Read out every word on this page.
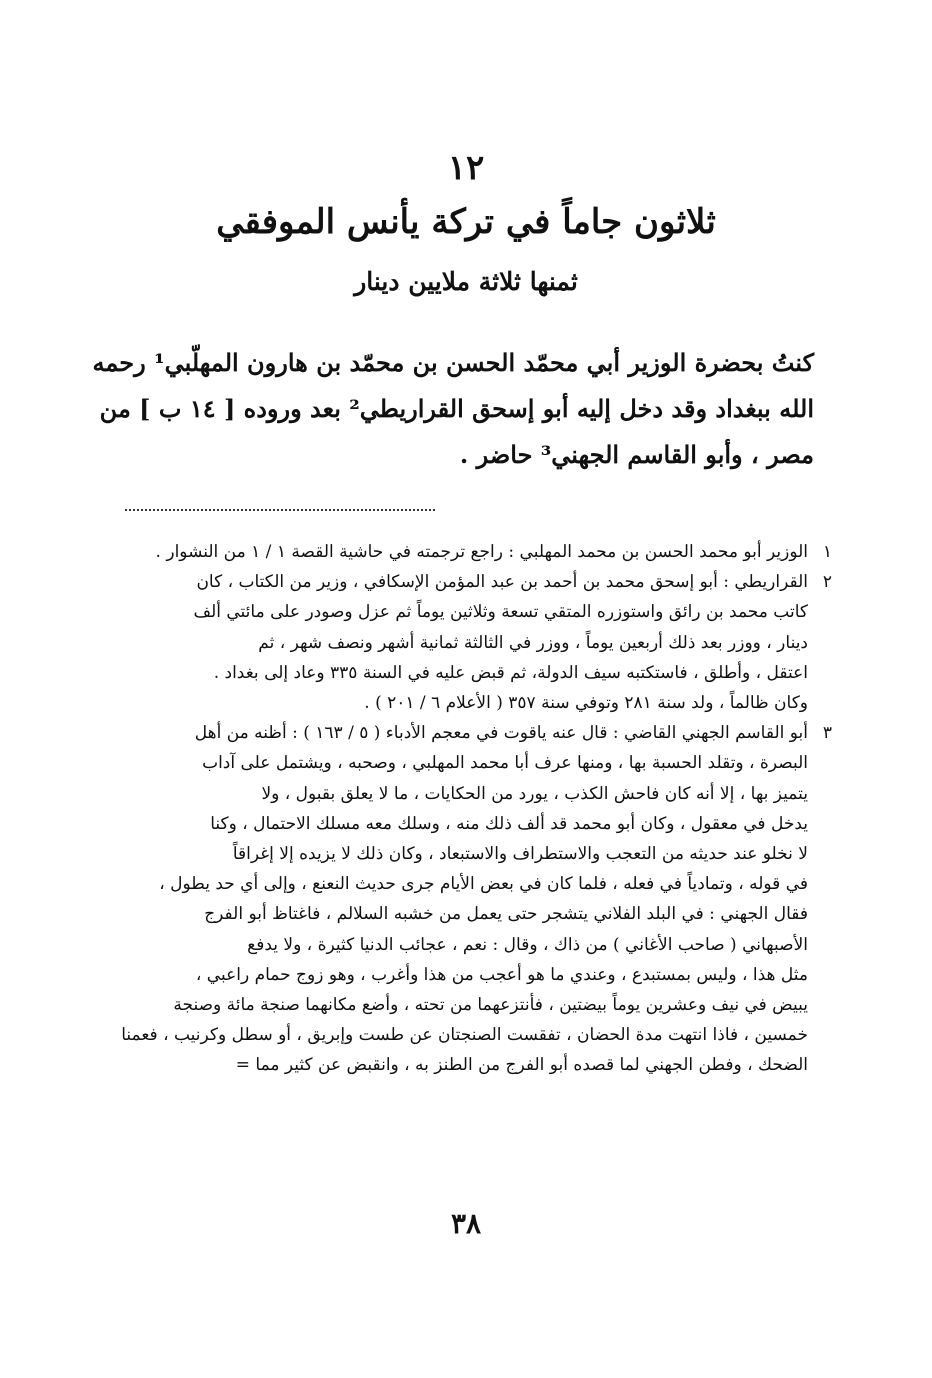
١٢
ثلاثون جاماً في تركة يأنس الموفقي
ثمنها ثلاثة ملايين دينار
كنتُ بحضرة الوزير أبي محمّد الحسن بن محمّد بن هارون المهلّبي¹ رحمه
الله ببغداد وقد دخل إليه أبو إسحق القراريطي² بعد وروده [ ١٤ ب ] من
مصر ، وأبو القاسم الجهني³ حاضر .
١
الوزير أبو محمد الحسن بن محمد المهلبي : راجع ترجمته في حاشية القصة ١ / ١ من النشوار .
٢
القراريطي : أبو إسحق محمد بن أحمد بن عبد المؤمن الإسكافي ، وزير من الكتاب ، كان
كاتب محمد بن رائق واستوزره المتقي تسعة وثلاثين يوماً ثم عزل وصودر على مائتي ألف
دينار ، ووزر بعد ذلك أربعين يوماً ، ووزر في الثالثة ثمانية أشهر ونصف شهر ، ثم
اعتقل ، وأطلق ، فاستكتبه سيف الدولة، ثم قبض عليه في السنة ٣٣٥ وعاد إلى بغداد .
وكان ظالماً ، ولد سنة ٢٨١ وتوفي سنة ٣٥٧ ( الأعلام ٦ / ٢٠١ ) .
٣
أبو القاسم الجهني القاضي : قال عنه ياقوت في معجم الأدباء ( ٥ / ١٦٣ ) : أظنه من أهل
البصرة ، وتقلد الحسبة بها ، ومنها عرف أبا محمد المهلبي ، وصحبه ، ويشتمل على آداب
يتميز بها ، إلا أنه كان فاحش الكذب ، يورد من الحكايات ، ما لا يعلق بقبول ، ولا
يدخل في معقول ، وكان أبو محمد قد ألف ذلك منه ، وسلك معه مسلك الاحتمال ، وكنا
لا نخلو عند حديثه من التعجب والاستطراف والاستبعاد ، وكان ذلك لا يزيده إلا إغراقاً
في قوله ، وتمادياً في فعله ، فلما كان في بعض الأيام جرى حديث النعنع ، وإلى أي حد يطول ،
فقال الجهني : في البلد الفلاني يتشجر حتى يعمل من خشبه السلالم ، فاغتاظ أبو الفرج
الأصبهاني ( صاحب الأغاني ) من ذاك ، وقال : نعم ، عجائب الدنيا كثيرة ، ولا يدفع
مثل هذا ، وليس بمستبدع ، وعندي ما هو أعجب من هذا وأغرب ، وهو زوج حمام راعبي ،
يبيض في نيف وعشرين يوماً بيضتين ، فأنتزعهما من تحته ، وأضع مكانهما صنجة مائة وصنجة
خمسين ، فاذا انتهت مدة الحضان ، تفقست الصنجتان عن طست وإبريق ، أو سطل وكرنيب ، فعمنا
الضحك ، وفطن الجهني لما قصده أبو الفرج من الطنز به ، وانقبض عن كثير مما =
٣٨
